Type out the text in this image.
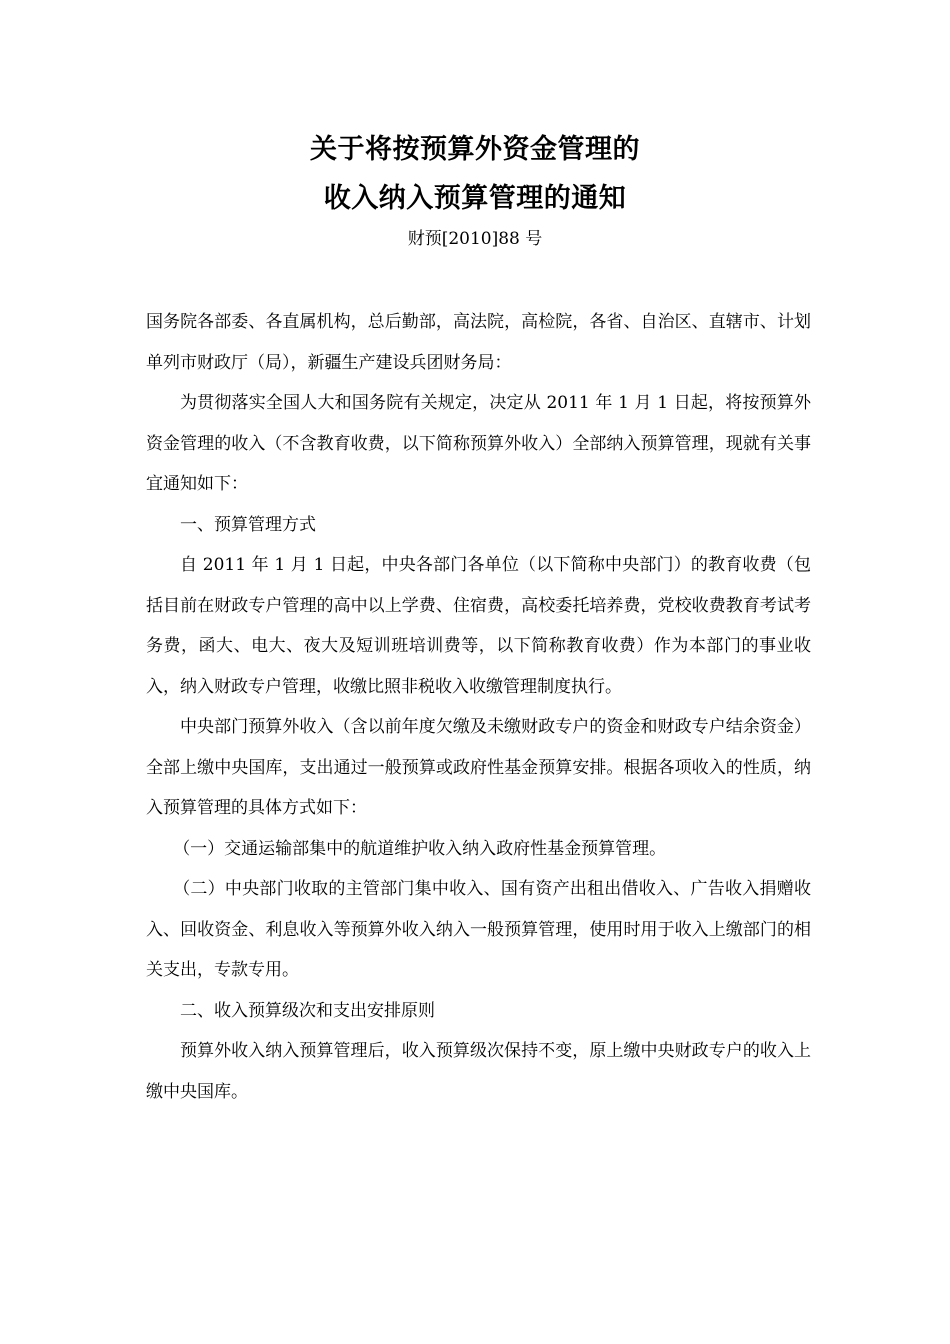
关于将按预算外资金管理的
收入纳入预算管理的通知
财预[2010]88 号

国务院各部委、各直属机构，总后勤部，高法院，高检院，各省、自治区、直辖市、计划单列市财政厅（局），新疆生产建设兵团财务局：

为贯彻落实全国人大和国务院有关规定，决定从 2011 年 1 月 1 日起，将按预算外资金管理的收入（不含教育收费，以下简称预算外收入）全部纳入预算管理，现就有关事宜通知如下：

一、预算管理方式

自 2011 年 1 月 1 日起，中央各部门各单位（以下简称中央部门）的教育收费（包括目前在财政专户管理的高中以上学费、住宿费，高校委托培养费，党校收费教育考试考务费，函大、电大、夜大及短训班培训费等，以下简称教育收费）作为本部门的事业收入，纳入财政专户管理，收缴比照非税收入收缴管理制度执行。

中央部门预算外收入（含以前年度欠缴及未缴财政专户的资金和财政专户结余资金）全部上缴中央国库，支出通过一般预算或政府性基金预算安排。根据各项收入的性质，纳入预算管理的具体方式如下：

（一）交通运输部集中的航道维护收入纳入政府性基金预算管理。

（二）中央部门收取的主管部门集中收入、国有资产出租出借收入、广告收入捐赠收入、回收资金、利息收入等预算外收入纳入一般预算管理，使用时用于收入上缴部门的相关支出，专款专用。

二、收入预算级次和支出安排原则

预算外收入纳入预算管理后，收入预算级次保持不变，原上缴中央财政专户的收入上缴中央国库。
